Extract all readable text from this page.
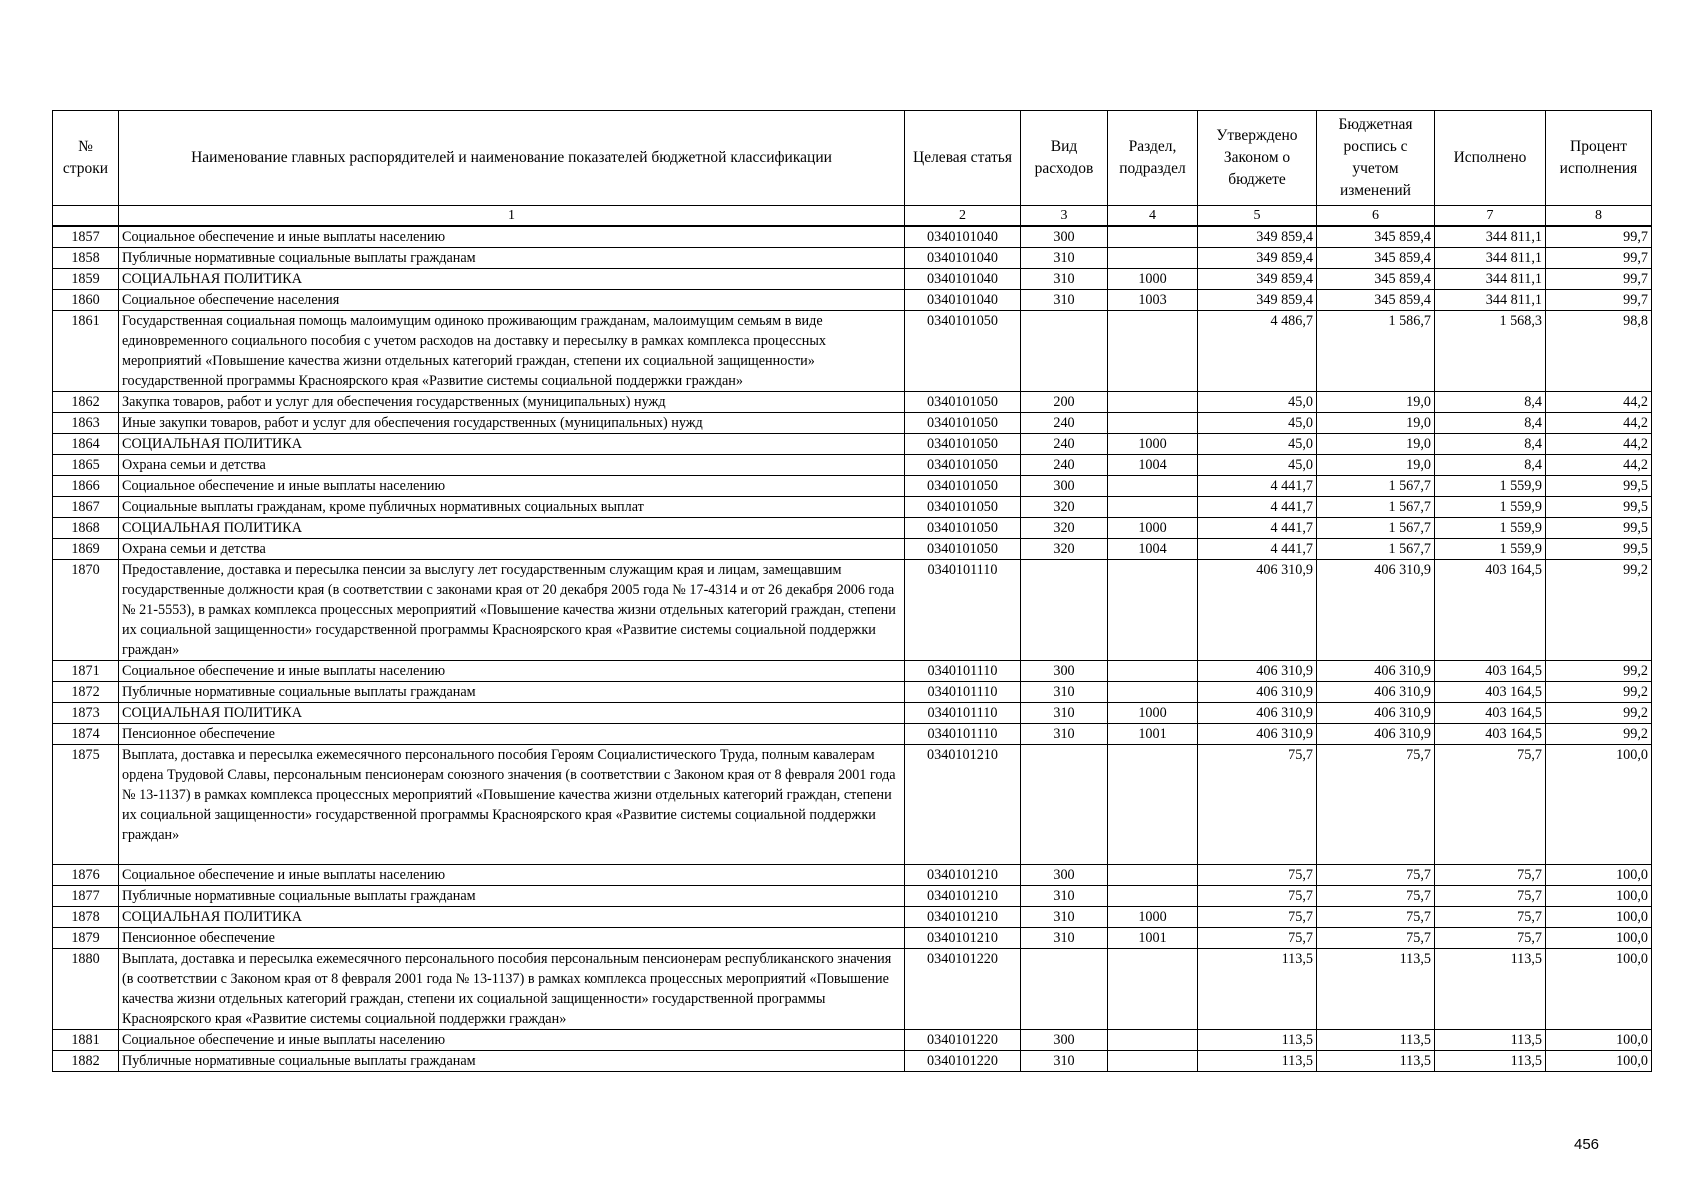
№ строки	Наименование главных распорядителей и наименование показателей бюджетной классификации	Целевая статья	Вид расходов	Раздел, подраздел	Утверждено Законом о бюджете	Бюджетная роспись с учетом изменений	Исполнено	Процент исполнения
	1	2	3	4	5	6	7	8
1857	Социальное обеспечение и иные выплаты населению	0340101040	300		349 859,4	345 859,4	344 811,1	99,7
1858	Публичные нормативные социальные выплаты гражданам	0340101040	310		349 859,4	345 859,4	344 811,1	99,7
1859	СОЦИАЛЬНАЯ ПОЛИТИКА	0340101040	310	1000	349 859,4	345 859,4	344 811,1	99,7
1860	Социальное обеспечение населения	0340101040	310	1003	349 859,4	345 859,4	344 811,1	99,7
1861	Государственная социальная помощь малоимущим одиноко проживающим гражданам, малоимущим семьям в виде единовременного социального пособия с учетом расходов на доставку и пересылку в рамках комплекса процессных мероприятий «Повышение качества жизни отдельных категорий граждан, степени их социальной защищенности» государственной программы Красноярского края «Развитие системы социальной поддержки граждан»	0340101050			4 486,7	1 586,7	1 568,3	98,8
1862	Закупка товаров, работ и услуг для обеспечения государственных (муниципальных) нужд	0340101050	200		45,0	19,0	8,4	44,2
1863	Иные закупки товаров, работ и услуг для обеспечения государственных (муниципальных) нужд	0340101050	240		45,0	19,0	8,4	44,2
1864	СОЦИАЛЬНАЯ ПОЛИТИКА	0340101050	240	1000	45,0	19,0	8,4	44,2
1865	Охрана семьи и детства	0340101050	240	1004	45,0	19,0	8,4	44,2
1866	Социальное обеспечение и иные выплаты населению	0340101050	300		4 441,7	1 567,7	1 559,9	99,5
1867	Социальные выплаты гражданам, кроме публичных нормативных социальных выплат	0340101050	320		4 441,7	1 567,7	1 559,9	99,5
1868	СОЦИАЛЬНАЯ ПОЛИТИКА	0340101050	320	1000	4 441,7	1 567,7	1 559,9	99,5
1869	Охрана семьи и детства	0340101050	320	1004	4 441,7	1 567,7	1 559,9	99,5
1870	Предоставление, доставка и пересылка пенсии за выслугу лет государственным служащим края и лицам, замещавшим государственные должности края (в соответствии с законами края от 20 декабря 2005 года № 17-4314 и от 26 декабря 2006 года № 21-5553), в рамках комплекса процессных мероприятий «Повышение качества жизни отдельных категорий граждан, степени их социальной защищенности» государственной программы Красноярского края «Развитие системы социальной поддержки граждан»	0340101110			406 310,9	406 310,9	403 164,5	99,2
1871	Социальное обеспечение и иные выплаты населению	0340101110	300		406 310,9	406 310,9	403 164,5	99,2
1872	Публичные нормативные социальные выплаты гражданам	0340101110	310		406 310,9	406 310,9	403 164,5	99,2
1873	СОЦИАЛЬНАЯ ПОЛИТИКА	0340101110	310	1000	406 310,9	406 310,9	403 164,5	99,2
1874	Пенсионное обеспечение	0340101110	310	1001	406 310,9	406 310,9	403 164,5	99,2
1875	Выплата, доставка и пересылка ежемесячного персонального пособия Героям Социалистического Труда, полным кавалерам ордена Трудовой Славы, персональным пенсионерам союзного значения (в соответствии с Законом края от 8 февраля 2001 года № 13-1137) в рамках комплекса процессных мероприятий «Повышение качества жизни отдельных категорий граждан, степени их социальной защищенности» государственной программы Красноярского края «Развитие системы социальной поддержки граждан»	0340101210			75,7	75,7	75,7	100,0
1876	Социальное обеспечение и иные выплаты населению	0340101210	300		75,7	75,7	75,7	100,0
1877	Публичные нормативные социальные выплаты гражданам	0340101210	310		75,7	75,7	75,7	100,0
1878	СОЦИАЛЬНАЯ ПОЛИТИКА	0340101210	310	1000	75,7	75,7	75,7	100,0
1879	Пенсионное обеспечение	0340101210	310	1001	75,7	75,7	75,7	100,0
1880	Выплата, доставка и пересылка ежемесячного персонального пособия персональным пенсионерам республиканского значения (в соответствии с Законом края от 8 февраля 2001 года № 13-1137) в рамках комплекса процессных мероприятий «Повышение качества жизни отдельных категорий граждан, степени их социальной защищенности» государственной программы Красноярского края «Развитие системы социальной поддержки граждан»	0340101220			113,5	113,5	113,5	100,0
1881	Социальное обеспечение и иные выплаты населению	0340101220	300		113,5	113,5	113,5	100,0
1882	Публичные нормативные социальные выплаты гражданам	0340101220	310		113,5	113,5	113,5	100,0
456
